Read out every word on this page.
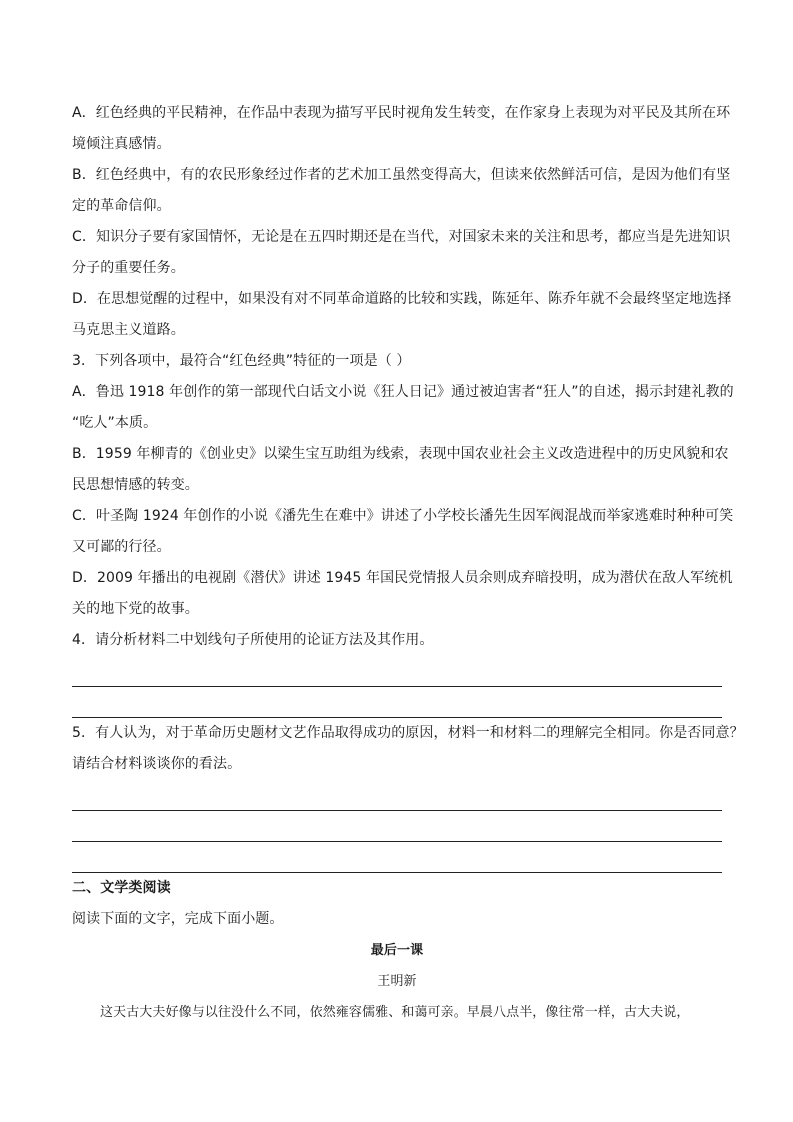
A．红色经典的平民精神，在作品中表现为描写平民时视角发生转变，在作家身上表现为对平民及其所在环
境倾注真感情。
B．红色经典中，有的农民形象经过作者的艺术加工虽然变得高大，但读来依然鲜活可信，是因为他们有坚
定的革命信仰。
C．知识分子要有家国情怀，无论是在五四时期还是在当代，对国家未来的关注和思考，都应当是先进知识
分子的重要任务。
D．在思想觉醒的过程中，如果没有对不同革命道路的比较和实践，陈延年、陈乔年就不会最终坚定地选择
马克思主义道路。
3．下列各项中，最符合“红色经典”特征的一项是（ ）
A．鲁迅 1918 年创作的第一部现代白话文小说《狂人日记》通过被迫害者“狂人”的自述，揭示封建礼教的
“吃人”本质。
B．1959 年柳青的《创业史》以梁生宝互助组为线索，表现中国农业社会主义改造进程中的历史风貌和农
民思想情感的转变。
C．叶圣陶 1924 年创作的小说《潘先生在难中》讲述了小学校长潘先生因军阀混战而举家逃难时种种可笑
又可鄙的行径。
D．2009 年播出的电视剧《潜伏》讲述 1945 年国民党情报人员余则成弃暗投明，成为潜伏在敌人军统机
关的地下党的故事。
4．请分析材料二中划线句子所使用的论证方法及其作用。
5．有人认为，对于革命历史题材文艺作品取得成功的原因，材料一和材料二的理解完全相同。你是否同意？
请结合材料谈谈你的看法。
二、文学类阅读
阅读下面的文字，完成下面小题。
最后一课
王明新
这天古大夫好像与以往没什么不同，依然雍容儒雅、和蔼可亲。早晨八点半，像往常一样，古大夫说，
